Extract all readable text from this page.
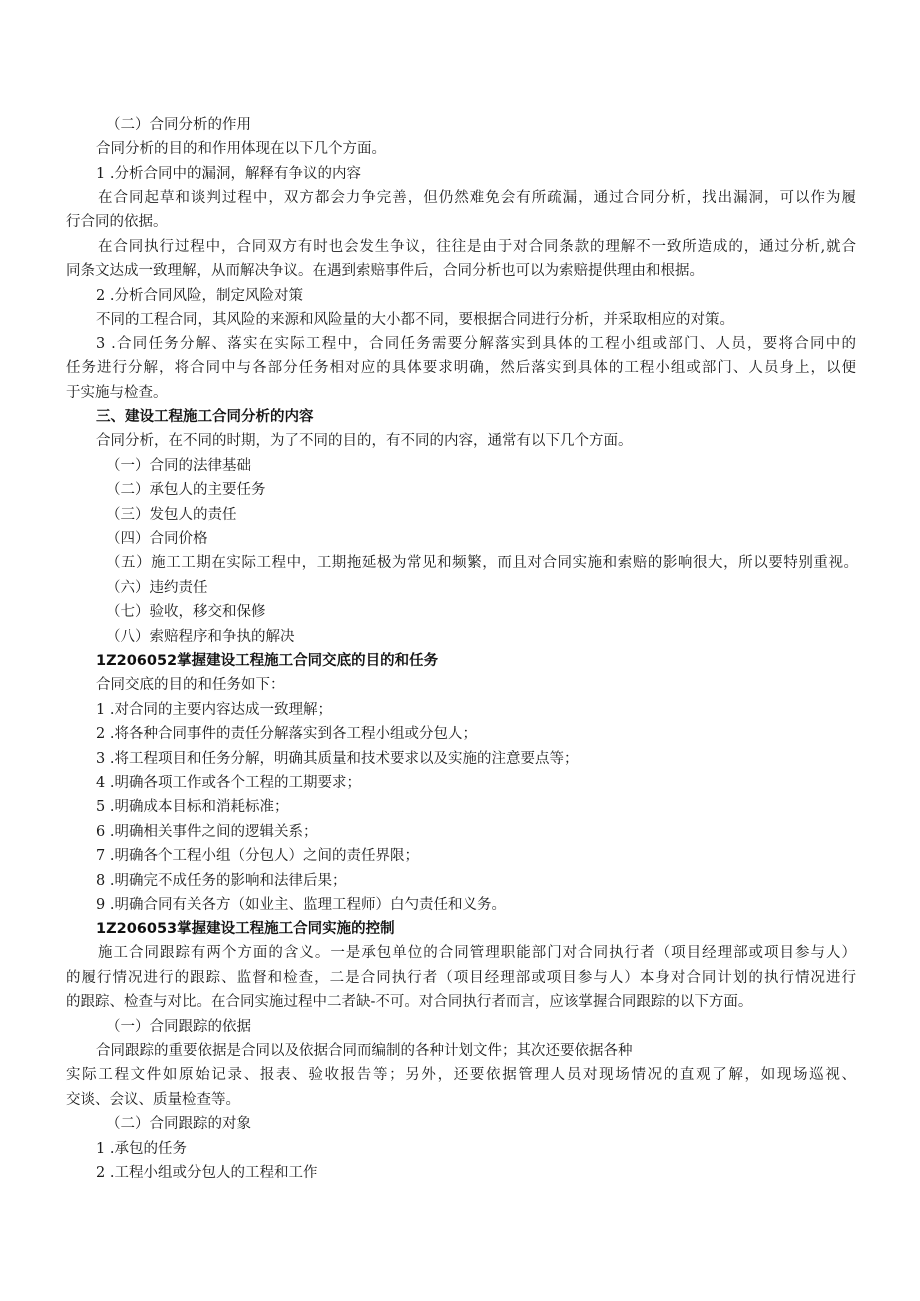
（二）合同分析的作用
合同分析的目的和作用体现在以下几个方面。
1 .分析合同中的漏洞，解释有争议的内容
在合同起草和谈判过程中，双方都会力争完善，但仍然难免会有所疏漏，通过合同分析，找出漏洞，可以作为履
行合同的依据。
在合同执行过程中，合同双方有时也会发生争议，往往是由于对合同条款的理解不一致所造成的，通过分析,就合
同条文达成一致理解，从而解决争议。在遇到索赔事件后，合同分析也可以为索赔提供理由和根据。
2 .分析合同风险，制定风险对策
不同的工程合同，其风险的来源和风险量的大小都不同，要根据合同进行分析，并采取相应的对策。
3 .合同任务分解、落实在实际工程中，合同任务需要分解落实到具体的工程小组或部门、人员，要将合同中的
任务进行分解，将合同中与各部分任务相对应的具体要求明确，然后落实到具体的工程小组或部门、人员身上，以便
于实施与检查。
三、建设工程施工合同分析的内容
合同分析，在不同的时期，为了不同的目的，有不同的内容，通常有以下几个方面。
（一）合同的法律基础
（二）承包人的主要任务
（三）发包人的责任
（四）合同价格
（五）施工工期在实际工程中，工期拖延极为常见和频繁，而且对合同实施和索赔的影响很大，所以要特别重视。
（六）违约责任
（七）验收，移交和保修
（八）索赔程序和争执的解决
1Z206052掌握建设工程施工合同交底的目的和任务
合同交底的目的和任务如下：
1 .对合同的主要内容达成一致理解；
2 .将各种合同事件的责任分解落实到各工程小组或分包人；
3 .将工程项目和任务分解，明确其质量和技术要求以及实施的注意要点等；
4 .明确各项工作或各个工程的工期要求；
5 .明确成本目标和消耗标准；
6 .明确相关事件之间的逻辑关系；
7 .明确各个工程小组（分包人）之间的责任界限；
8 .明确完不成任务的影响和法律后果；
9 .明确合同有关各方（如业主、监理工程师）白勺责任和义务。
1Z206053掌握建设工程施工合同实施的控制
施工合同跟踪有两个方面的含义。一是承包单位的合同管理职能部门对合同执行者（项目经理部或项目参与人）
的履行情况进行的跟踪、监督和检查，二是合同执行者（项目经理部或项目参与人）本身对合同计划的执行情况进行
的跟踪、检查与对比。在合同实施过程中二者缺-不可。对合同执行者而言，应该掌握合同跟踪的以下方面。
（一）合同跟踪的依据
合同跟踪的重要依据是合同以及依据合同而编制的各种计划文件；其次还要依据各种
实际工程文件如原始记录、报表、验收报告等；另外，还要依据管理人员对现场情况的直观了解，如现场巡视、
交谈、会议、质量检查等。
（二）合同跟踪的对象
1 .承包的任务
2 .工程小组或分包人的工程和工作
